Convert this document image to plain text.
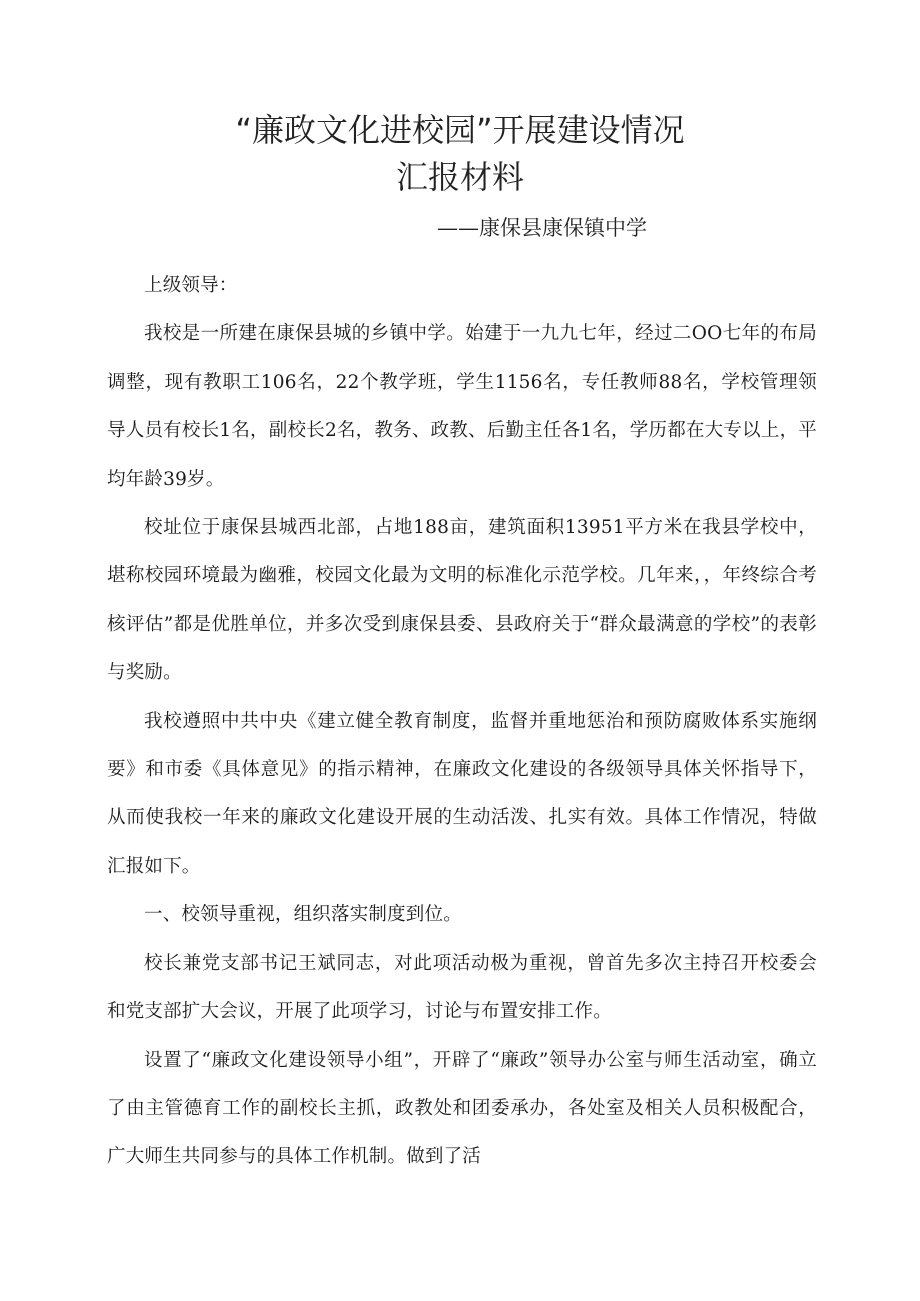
“廉政文化进校园”开展建设情况
汇报材料
——康保县康保镇中学

上级领导：

我校是一所建在康保县城的乡镇中学。始建于一九九七年，经过二OO七年的布局调整，现有教职工106名，22个教学班，学生1156名，专任教师88名，学校管理领导人员有校长1名，副校长2名，教务、政教、后勤主任各1名，学历都在大专以上，平均年龄39岁。

校址位于康保县城西北部，占地188亩，建筑面积13951平方米在我县学校中，堪称校园环境最为幽雅，校园文化最为文明的标准化示范学校。几年来，，年终综合考核评估”都是优胜单位，并多次受到康保县委、县政府关于“群众最满意的学校”的表彰与奖励。

我校遵照中共中央《建立健全教育制度，监督并重地惩治和预防腐败体系实施纲要》和市委《具体意见》的指示精神，在廉政文化建设的各级领导具体关怀指导下，从而使我校一年来的廉政文化建设开展的生动活泼、扎实有效。具体工作情况，特做汇报如下。

一、校领导重视，组织落实制度到位。

校长兼党支部书记王斌同志，对此项活动极为重视，曾首先多次主持召开校委会和党支部扩大会议，开展了此项学习，讨论与布置安排工作。

设置了“廉政文化建设领导小组”，开辟了“廉政”领导办公室与师生活动室，确立了由主管德育工作的副校长主抓，政教处和团委承办，各处室及相关人员积极配合，广大师生共同参与的具体工作机制。做到了活
